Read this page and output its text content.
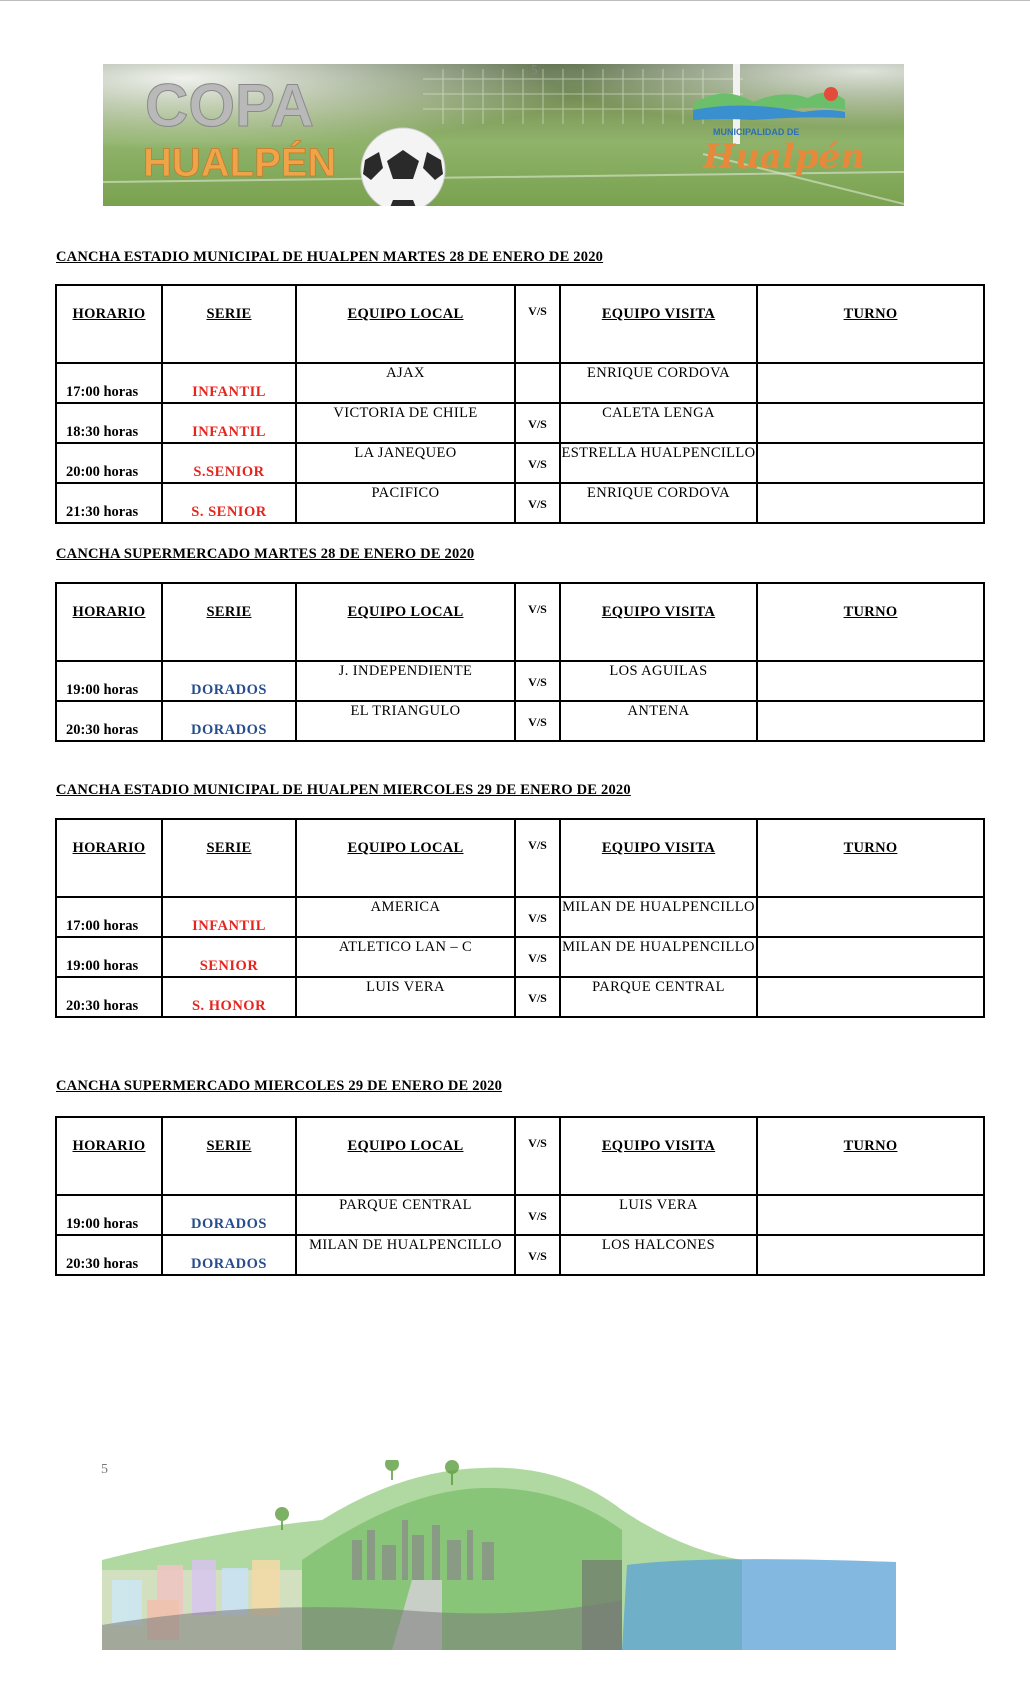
COPA
HUALPÉN
MUNICIPALIDAD DE
Hualpén
5
CANCHA ESTADIO MUNICIPAL DE HUALPEN MARTES 28 DE ENERO DE 2020
HORARIO	SERIE	EQUIPO LOCAL	V/S	EQUIPO VISITA	TURNO

17:00 horas	INFANTIL	AJAX		ENRIQUE CORDOVA	

18:30 horas	INFANTIL	VICTORIA DE CHILE	V/S	CALETA LENGA	

20:00 horas	S.SENIOR	LA JANEQUEO	V/S	ESTRELLA HUALPENCILLO	

21:30 horas	S. SENIOR	PACIFICO	V/S	ENRIQUE CORDOVA	

CANCHA SUPERMERCADO MARTES 28 DE ENERO DE 2020
HORARIO	SERIE	EQUIPO LOCAL	V/S	EQUIPO VISITA	TURNO

19:00 horas	DORADOS	J. INDEPENDIENTE	V/S	LOS AGUILAS	

20:30 horas	DORADOS	EL TRIANGULO	V/S	ANTENA	

CANCHA ESTADIO MUNICIPAL DE HUALPEN MIERCOLES 29 DE ENERO DE 2020
HORARIO	SERIE	EQUIPO LOCAL	V/S	EQUIPO VISITA	TURNO

17:00 horas	INFANTIL	AMERICA	V/S	MILAN DE HUALPENCILLO	

19:00 horas	SENIOR	ATLETICO LAN – C	V/S	MILAN DE HUALPENCILLO	

20:30 horas	S. HONOR	LUIS VERA	V/S	PARQUE CENTRAL	

CANCHA SUPERMERCADO MIERCOLES 29 DE ENERO DE 2020
HORARIO	SERIE	EQUIPO LOCAL	V/S	EQUIPO VISITA	TURNO

19:00 horas	DORADOS	PARQUE CENTRAL	V/S	LUIS VERA	

20:30 horas	DORADOS	MILAN DE HUALPENCILLO	V/S	LOS HALCONES	

5
